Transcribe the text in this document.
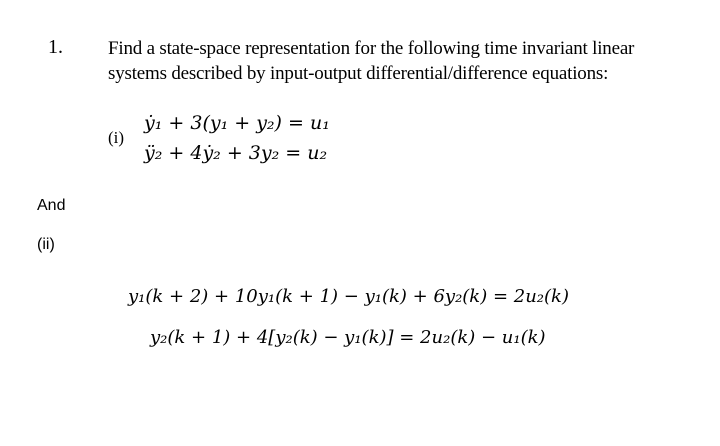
1. Find a state-space representation for the following time invariant linear
systems described by input-output differential/difference equations:
(i)
ẏ₁ + 3(y₁ + y₂) = u₁
ÿ₂ + 4ẏ₂ + 3y₂ = u₂
And
(ii)
y₁(k + 2) + 10y₁(k + 1) − y₁(k) + 6y₂(k) = 2u₂(k)
y₂(k + 1) + 4[y₂(k) − y₁(k)] = 2u₂(k) − u₁(k)
